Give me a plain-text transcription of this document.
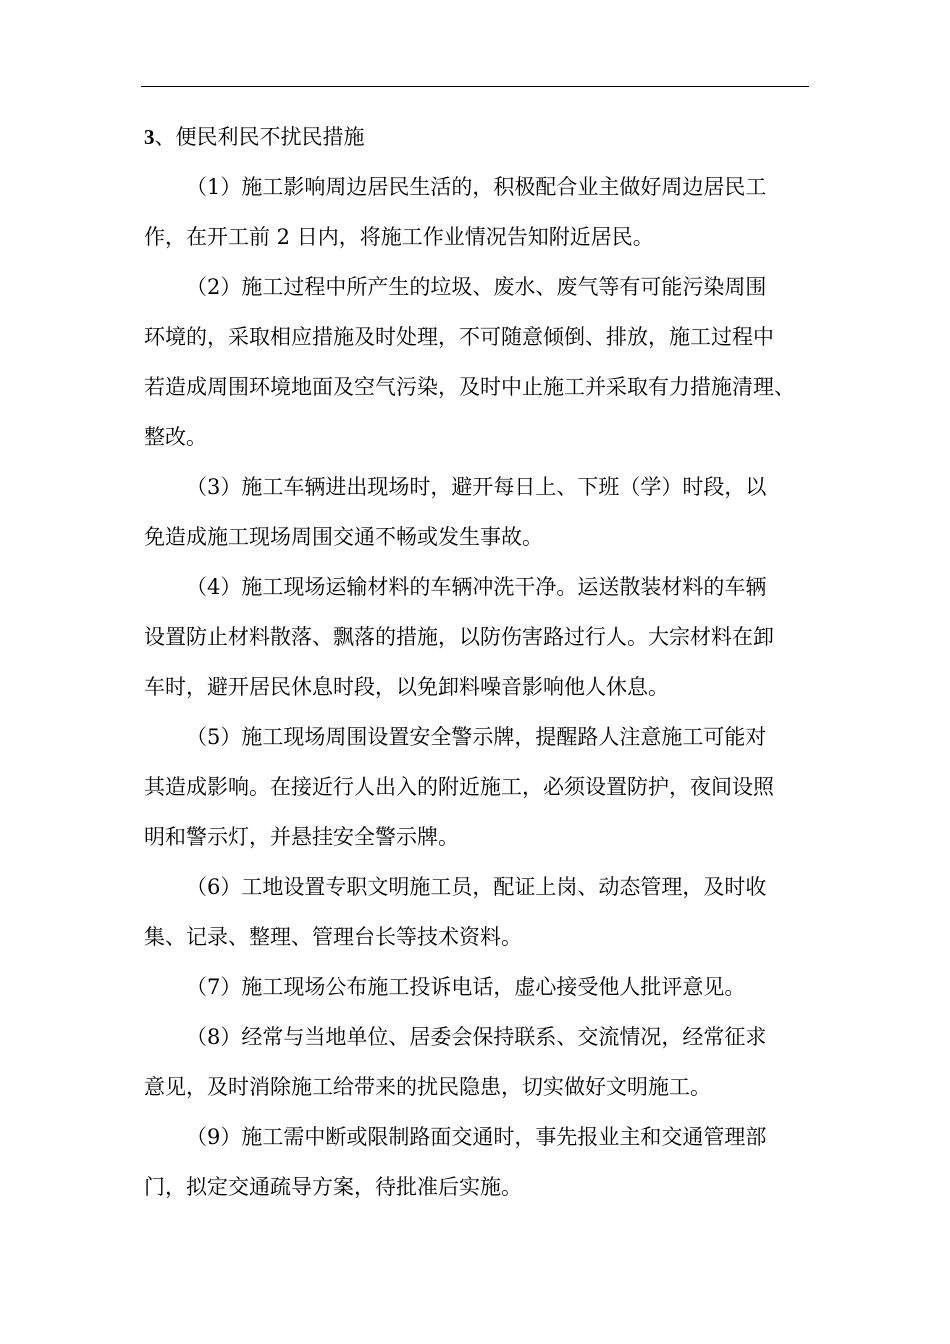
3、便民利民不扰民措施

（1）施工影响周边居民生活的，积极配合业主做好周边居民工
作，在开工前 2 日内，将施工作业情况告知附近居民。

（2）施工过程中所产生的垃圾、废水、废气等有可能污染周围
环境的，采取相应措施及时处理，不可随意倾倒、排放，施工过程中
若造成周围环境地面及空气污染，及时中止施工并采取有力措施清理、
整改。

（3）施工车辆进出现场时，避开每日上、下班（学）时段，以
免造成施工现场周围交通不畅或发生事故。

（4）施工现场运输材料的车辆冲洗干净。运送散装材料的车辆
设置防止材料散落、飘落的措施，以防伤害路过行人。大宗材料在卸
车时，避开居民休息时段，以免卸料噪音影响他人休息。

（5）施工现场周围设置安全警示牌，提醒路人注意施工可能对
其造成影响。在接近行人出入的附近施工，必须设置防护，夜间设照
明和警示灯，并悬挂安全警示牌。

（6）工地设置专职文明施工员，配证上岗、动态管理，及时收
集、记录、整理、管理台长等技术资料。

（7）施工现场公布施工投诉电话，虚心接受他人批评意见。

（8）经常与当地单位、居委会保持联系、交流情况，经常征求
意见，及时消除施工给带来的扰民隐患，切实做好文明施工。

（9）施工需中断或限制路面交通时，事先报业主和交通管理部
门，拟定交通疏导方案，待批准后实施。
